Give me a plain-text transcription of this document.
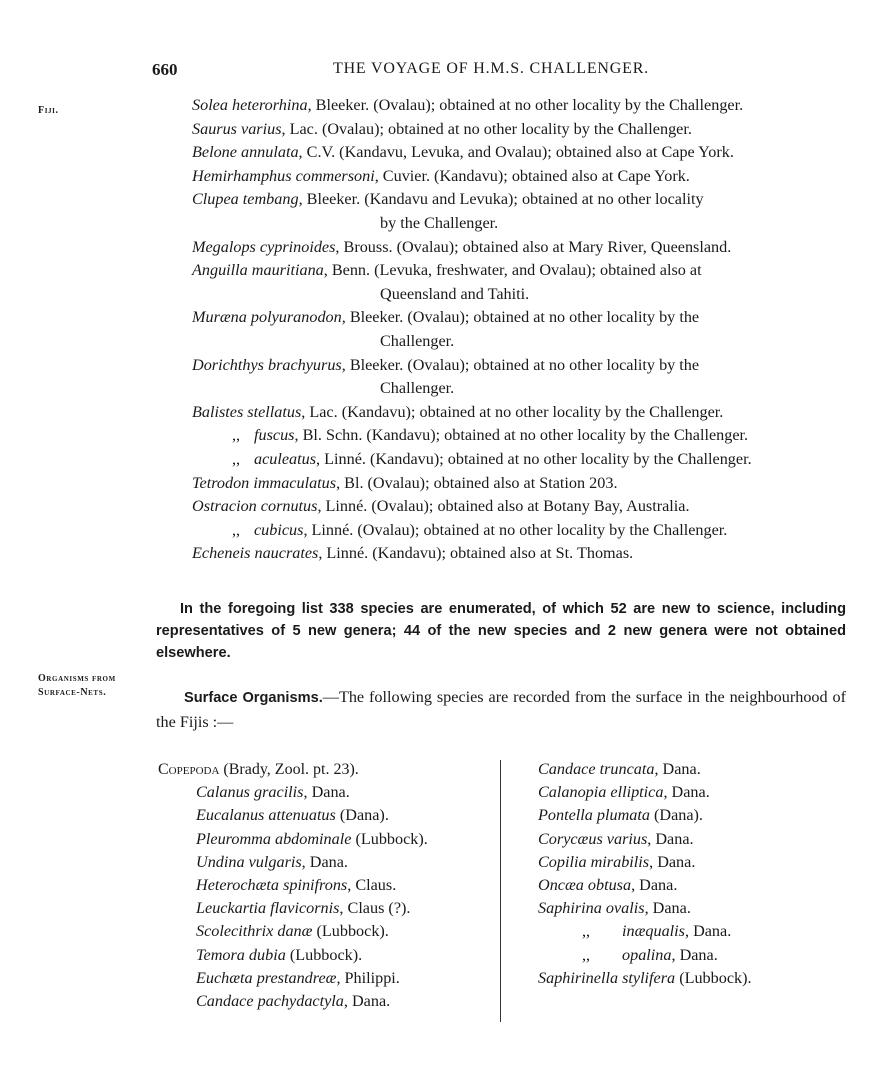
660	THE VOYAGE OF H.M.S. CHALLENGER.
Fiji.
Organisms from
Surface-Nets.
Solea heterorhina, Bleeker. (Ovalau); obtained at no other locality by the Challenger.
Saurus varius, Lac. (Ovalau); obtained at no other locality by the Challenger.
Belone annulata, C.V. (Kandavu, Levuka, and Ovalau); obtained also at Cape York.
Hemirhamphus commersoni, Cuvier. (Kandavu); obtained also at Cape York.
Clupea tembang, Bleeker. (Kandavu and Levuka); obtained at no other locality
by the Challenger.
Megalops cyprinoides, Brouss. (Ovalau); obtained also at Mary River, Queensland.
Anguilla mauritiana, Benn. (Levuka, freshwater, and Ovalau); obtained also at
Queensland and Tahiti.
Muræna polyuranodon, Bleeker. (Ovalau); obtained at no other locality by the
Challenger.
Dorichthys brachyurus, Bleeker. (Ovalau); obtained at no other locality by the
Challenger.
Balistes stellatus, Lac. (Kandavu); obtained at no other locality by the Challenger.
,, fuscus, Bl. Schn. (Kandavu); obtained at no other locality by the Challenger.
,, aculeatus, Linné. (Kandavu); obtained at no other locality by the Challenger.
Tetrodon immaculatus, Bl. (Ovalau); obtained also at Station 203.
Ostracion cornutus, Linné. (Ovalau); obtained also at Botany Bay, Australia.
,, cubicus, Linné. (Ovalau); obtained at no other locality by the Challenger.
Echeneis naucrates, Linné. (Kandavu); obtained also at St. Thomas.
In the foregoing list 338 species are enumerated, of which 52 are new to science, including representatives of 5 new genera; 44 of the new species and 2 new genera were not obtained elsewhere.
Surface Organisms.—The following species are recorded from the surface in the neighbourhood of the Fijis :—
Copepoda (Brady, Zool. pt. 23).
Calanus gracilis, Dana.
Eucalanus attenuatus (Dana).
Pleuromma abdominale (Lubbock).
Undina vulgaris, Dana.
Heterochæta spinifrons, Claus.
Leuckartia flavicornis, Claus (?).
Scolecithrix danæ (Lubbock).
Temora dubia (Lubbock).
Euchæta prestandreæ, Philippi.
Candace pachydactyla, Dana.
Candace truncata, Dana.
Calanopia elliptica, Dana.
Pontella plumata (Dana).
Corycæus varius, Dana.
Copilia mirabilis, Dana.
Oncæa obtusa, Dana.
Saphirina ovalis, Dana.
,, inæqualis, Dana.
,, opalina, Dana.
Saphirinella stylifera (Lubbock).
